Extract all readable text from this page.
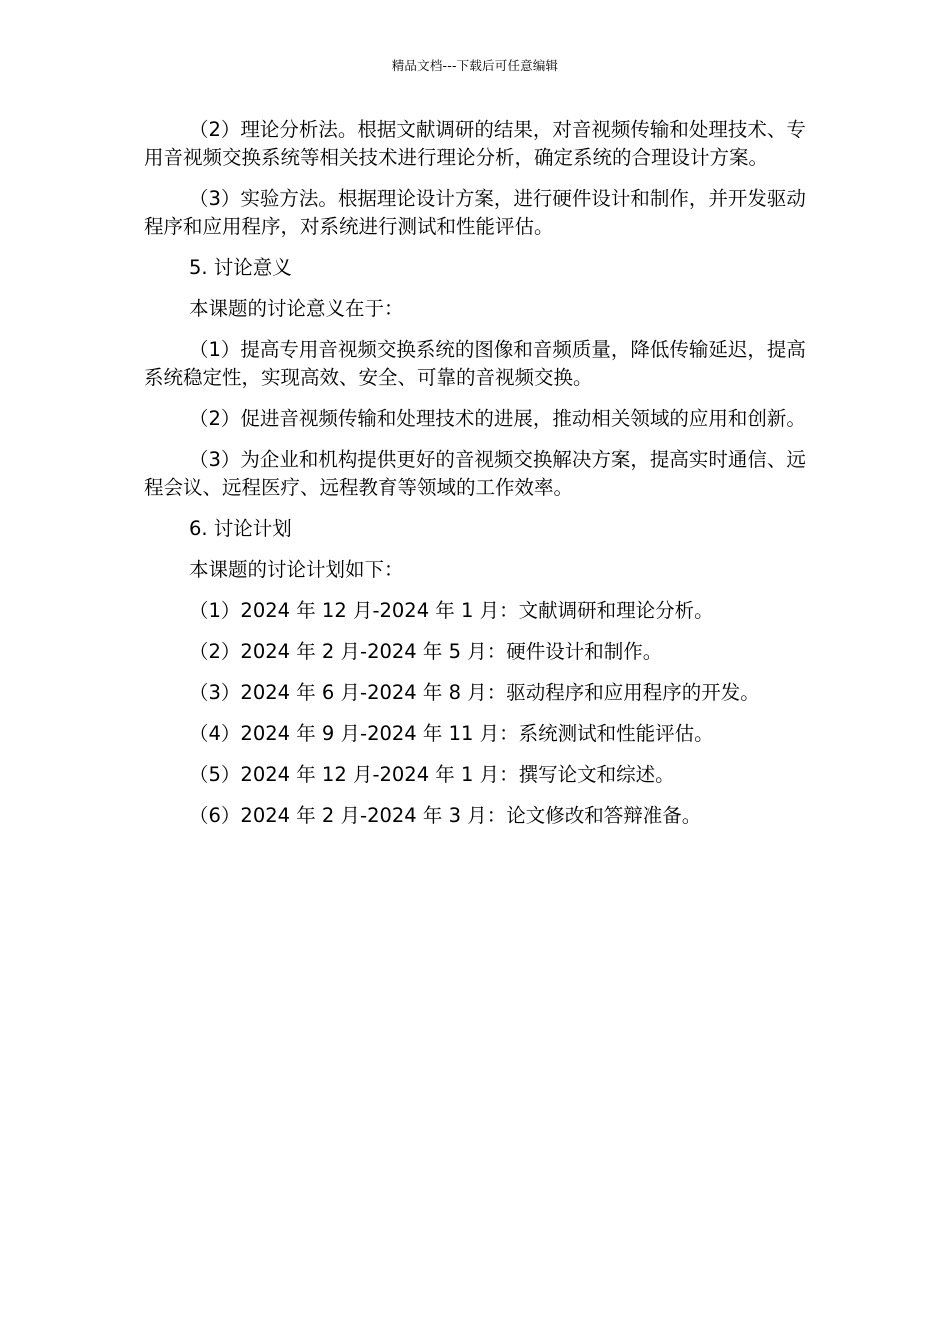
精品文档---下载后可任意编辑

（2）理论分析法。根据文献调研的结果，对音视频传输和处理技术、专用音视频交换系统等相关技术进行理论分析，确定系统的合理设计方案。

（3）实验方法。根据理论设计方案，进行硬件设计和制作，并开发驱动程序和应用程序，对系统进行测试和性能评估。

5. 讨论意义

本课题的讨论意义在于：

（1）提高专用音视频交换系统的图像和音频质量，降低传输延迟，提高系统稳定性，实现高效、安全、可靠的音视频交换。

（2）促进音视频传输和处理技术的进展，推动相关领域的应用和创新。

（3）为企业和机构提供更好的音视频交换解决方案，提高实时通信、远程会议、远程医疗、远程教育等领域的工作效率。

6. 讨论计划

本课题的讨论计划如下：

（1）2024 年 12 月-2024 年 1 月：文献调研和理论分析。

（2）2024 年 2 月-2024 年 5 月：硬件设计和制作。

（3）2024 年 6 月-2024 年 8 月：驱动程序和应用程序的开发。

（4）2024 年 9 月-2024 年 11 月：系统测试和性能评估。

（5）2024 年 12 月-2024 年 1 月：撰写论文和综述。

（6）2024 年 2 月-2024 年 3 月：论文修改和答辩准备。
